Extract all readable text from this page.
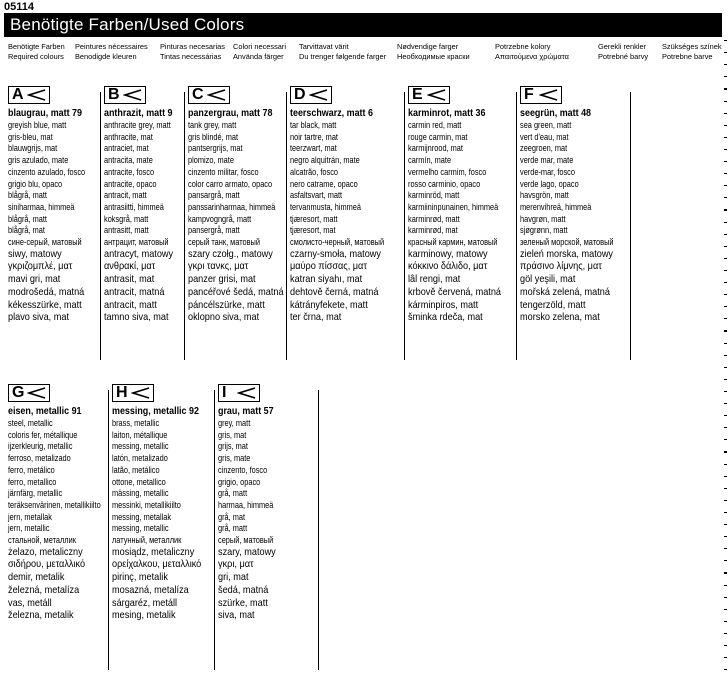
05114
Benötigte Farben/Used Colors
Benötigte Farben
Required colours
Peintures nécessaires
Benodigde kleuren
Pinturas necesarias
Tintas necessárias
Colori necessari
Använda färger
Tarvittavat värit
Du trenger følgende farger
Nødvendige farger
Необходимые краски
Potrzebne kolory
Απαιτούμενα χρώματα
Gerekli renkler
Potrebné barvy
Szükséges színek
Potrebne barve
A
blaugrau, matt 79
greyish blue, matt
gris-bleu, mat
blauwgrijs, mat
gris azulado, mate
cinzento azulado, fosco
grigio blu, opaco
blågrå, matt
siniharmaa, himmeä
blågrå, matt
blågrå, mat
сине-серый, матовый
siwy, matowy
γκριζομπλέ, ματ
mavi gri, mat
modrošedá, matná
kékesszürke, matt
plavo siva, mat
B
anthrazit, matt 9
anthracite grey, matt
anthracite, mat
antraciet, mat
antracita, mate
antracite, fosco
antracite, opaco
antracit, matt
antrasiitti, himmeä
koksgrå, matt
antrasitt, matt
антрацит, матовый
antracyt, matowy
ανθρακί, ματ
antrasit, mat
antracit, matná
antracit, matt
tamno siva, mat
C
panzergrau, matt 78
tank grey, matt
gris blindé, mat
pantsergrijs, mat
plomizo, mate
cinzento militar, fosco
color carro armato, opaco
pansargrå, matt
panssarinharmaa, himmeä
kampvogngrå, matt
pansergrå, matt
серый танк, матовый
szary czołg., matowy
γκρι τανκς, ματ
panzer grisi, mat
pancéřové šedá, matná
páncélszürke, matt
oklopno siva, mat
D
teerschwarz, matt 6
tar black, matt
noir tartre, mat
teerzwart, mat
negro alquitrán, mate
alcatrão, fosco
nero catrame, opaco
asfaltsvart, matt
tervanmusta, himmeä
tjæresort, matt
tjæresort, mat
смолисто-черный, матовый
czarny-smoła, matowy
μαύρο πίσσας, ματ
katran siyahı, mat
dehtově černá, matná
kátrányfekete, matt
ter črna, mat
E
karminrot, matt 36
carmin red, matt
rouge carmin, mat
karmijnrood, mat
carmín, mate
vermelho carmim, fosco
rosso carminio, opaco
karminröd, matt
karmiininpunainen, himmeä
karminrød, matt
karminrød, mat
красный кармин, матовый
karminowy, matowy
κόκκινο δάλιδο, ματ
lâl rengi, mat
krbově červená, matná
kárminpiros, matt
šminka rdeča, mat
F
seegrün, matt 48
sea green, matt
vert d'eau, mat
zeegroen, mat
verde mar, mate
verde-mar, fosco
verde lago, opaco
havsgrön, matt
merenvihreä, himmeä
havgrøn, matt
sjøgrønn, matt
зеленый морской, матовый
zieleń morska, matowy
πράσινο λίμνης, ματ
göl yeşili, mat
mořská zelená, matná
tengerzöld, matt
morsko zelena, mat
G
eisen, metallic 91
steel, metallic
coloris fer, métallique
ijzerkleurig, metallic
ferroso, metalizado
ferro, metálico
ferro, metallico
järnfärg, metallic
teräksenvärinen, metallikiilto
jern, metallak
jern, metallic
стальной, металлик
żelazo, metaliczny
σιδήρου, μεταλλικό
demir, metalik
železná, metalíza
vas, metáll
železna, metalik
H
messing, metallic 92
brass, metallic
laiton, métallique
messing, metallic
latón, metalizado
latão, metálico
ottone, metallico
mässing, metallic
messinki, metallikiilto
messing, metallak
messing, metallic
латунный, металлик
mosiądz, metaliczny
ορείχαλκου, μεταλλικό
pirinç, metalik
mosazná, metalíza
sárgaréz, metáll
mesing, metalik
I
grau, matt 57
grey, matt
gris, mat
grijs, mat
gris, mate
cinzento, fosco
grigio, opaco
grå, matt
harmaa, himmeä
grå, mat
grå, matt
серый, матовый
szary, matowy
γκρι, ματ
gri, mat
šedá, matná
szürke, matt
siva, mat
